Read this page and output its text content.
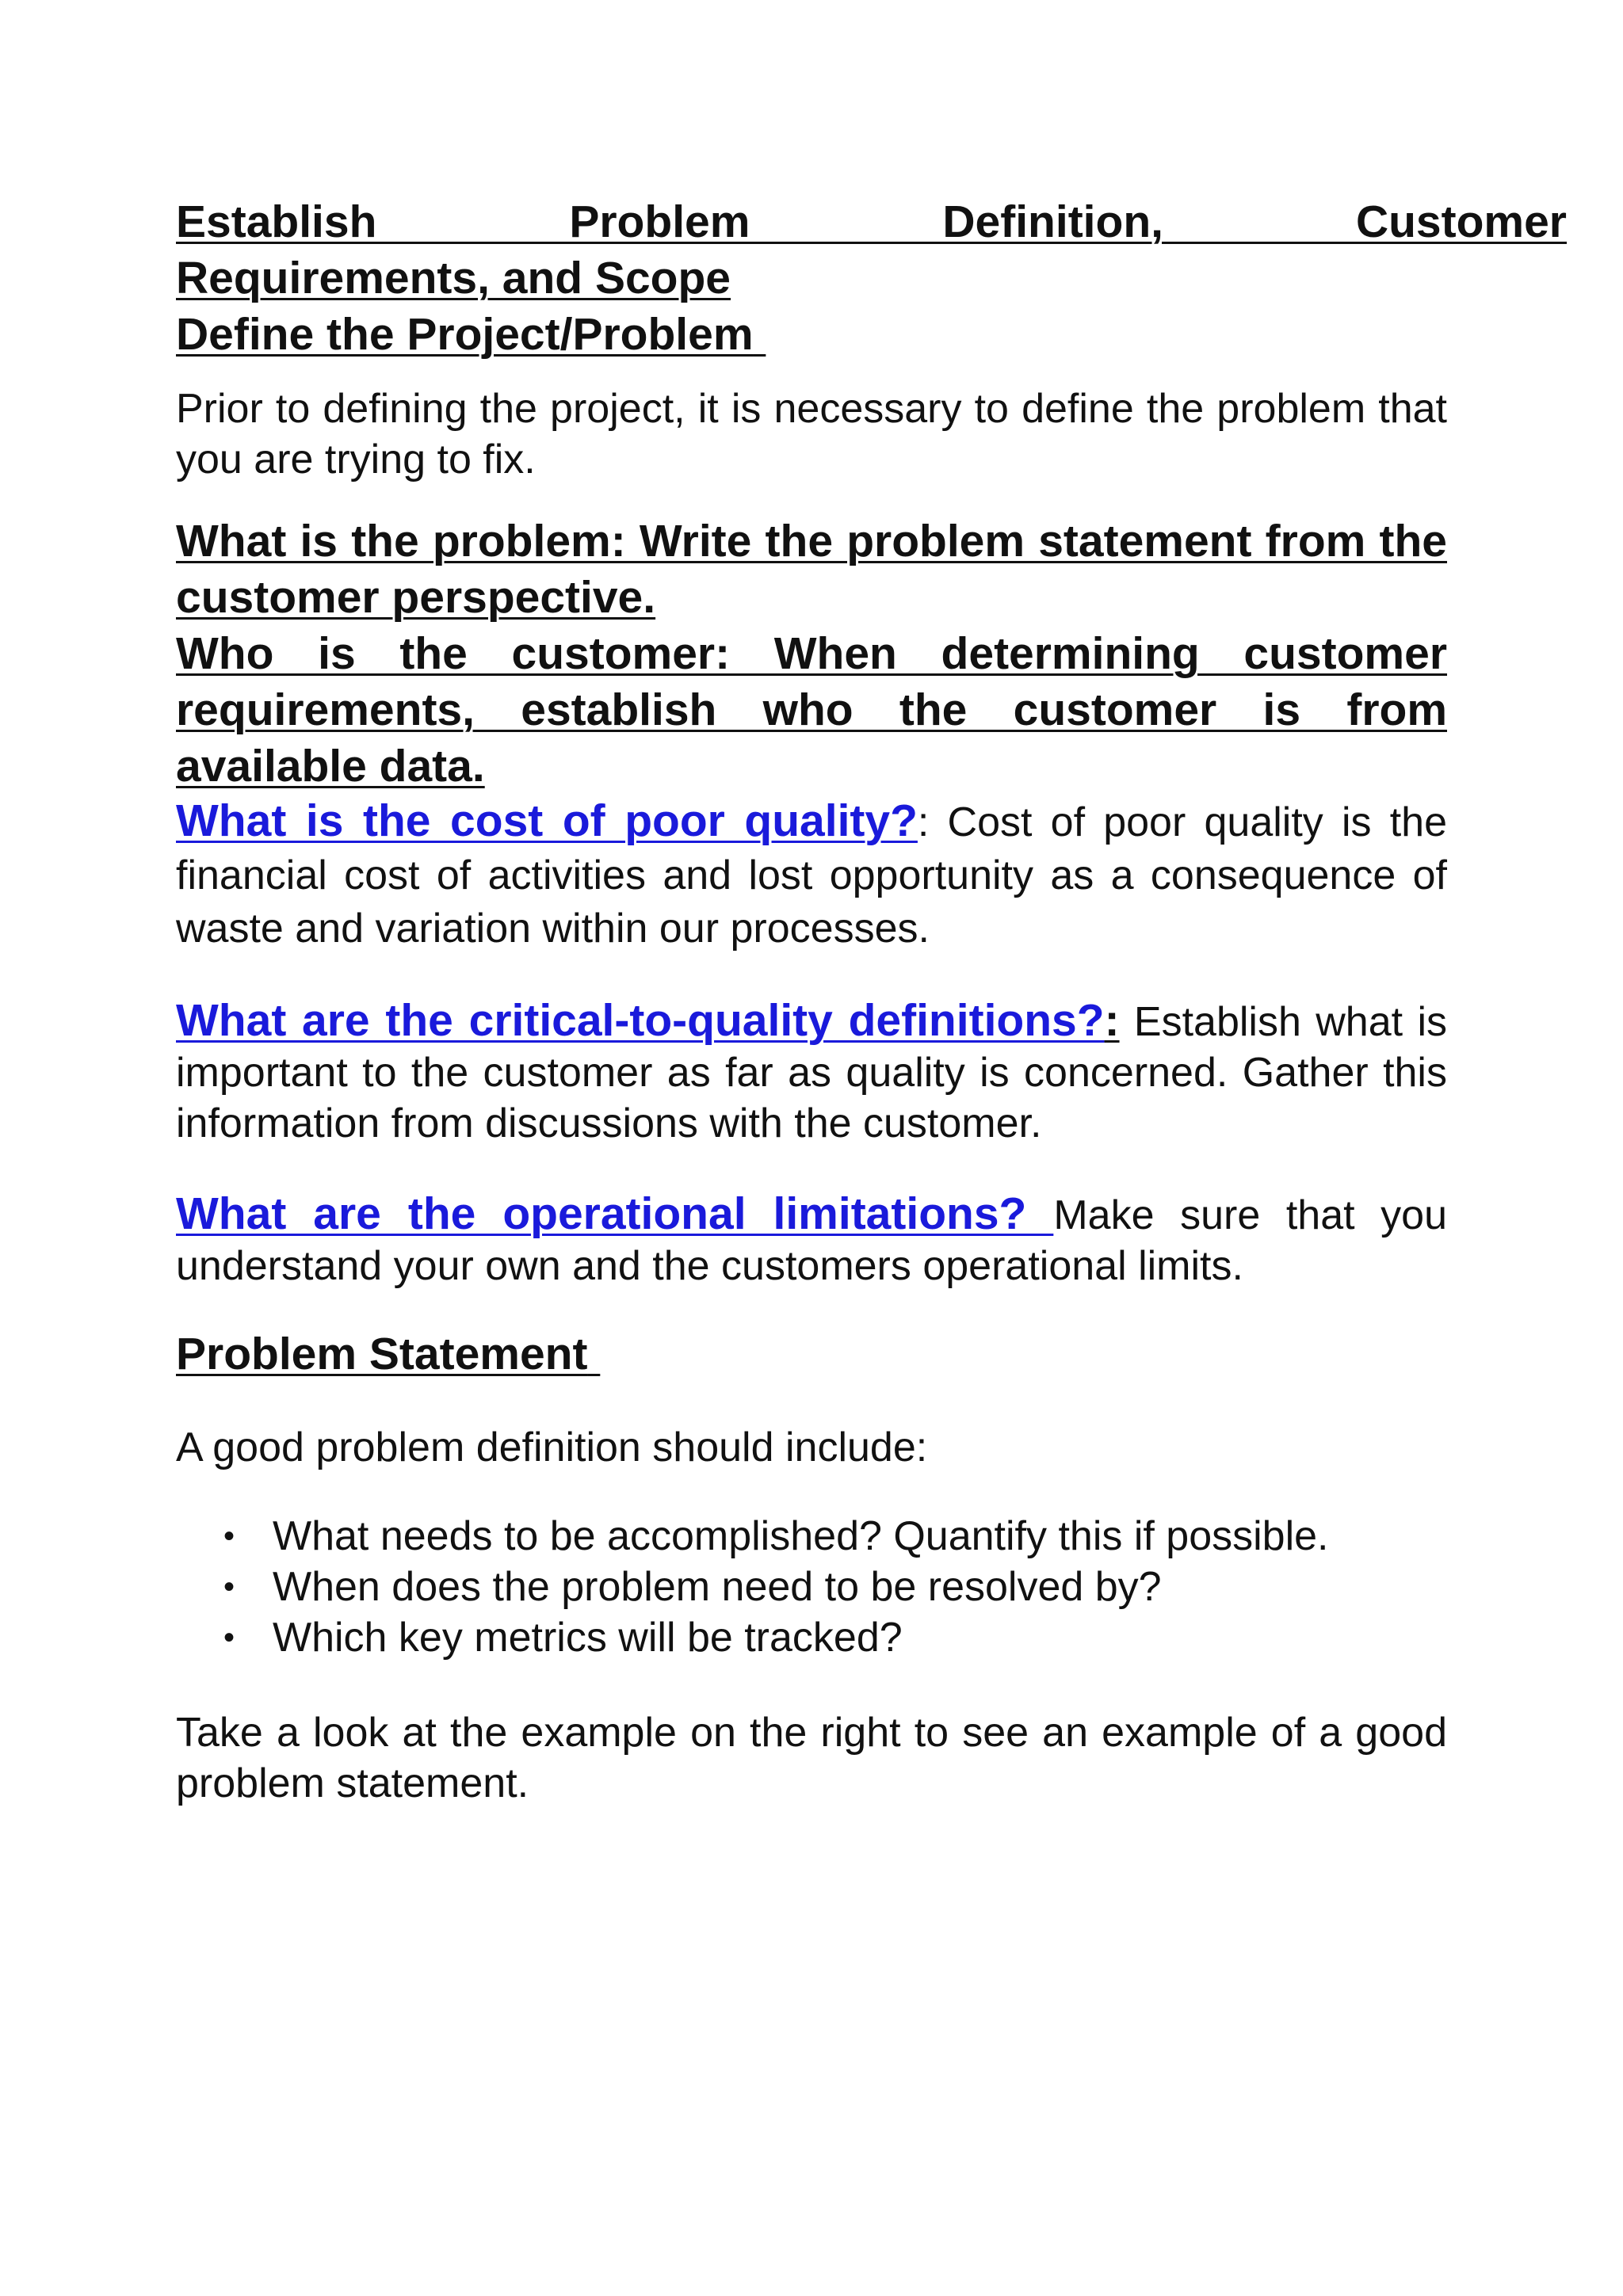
Establish Problem Definition, Customer

Requirements, and Scope

Define the Project/Problem

Prior to defining the project, it is necessary to define the problem that you are trying to fix.

What is the problem: Write the problem statement from the customer perspective.

Who is the customer: When determining customer requirements, establish who the customer is from available data.

What is the cost of poor quality?: Cost of poor quality is the financial cost of activities and lost opportunity as a consequence of waste and variation within our processes.

What are the critical-to-quality definitions?: Establish what is important to the customer as far as quality is concerned. Gather this information from discussions with the customer.

What are the operational limitations? Make sure that you understand your own and the customers operational limits.

Problem Statement

A good problem definition should include:

• What needs to be accomplished? Quantify this if possible.
• When does the problem need to be resolved by?
• Which key metrics will be tracked?

Take a look at the example on the right to see an example of a good problem statement.
